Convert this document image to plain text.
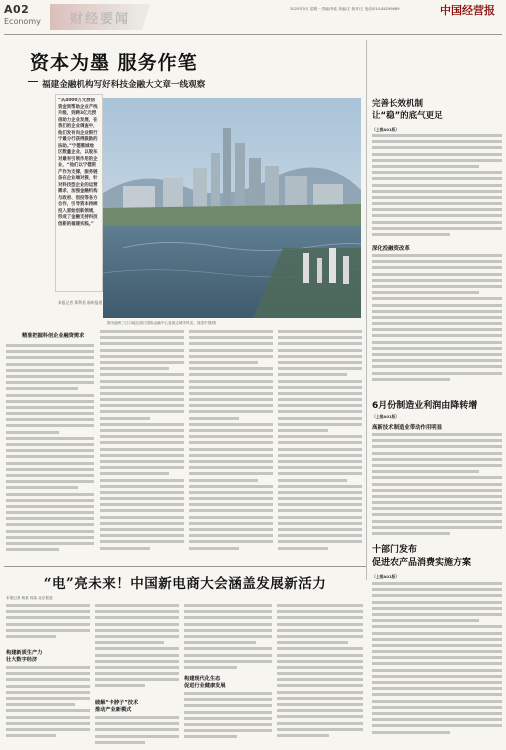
A02
Economy 财经要闻
2025年5月 星期一 责编/李佳 美编/王 校对/王 电话/010-84295689	中国经营报
资本为墨 服务作笔
福建金融机构写好科技金融大文章一线观察
“从4000万元授信资金到帮助企业产线升级，到跨3亿元授信助力企业发展，在我们的企业调查中，他们发有向企业银行宁最分行获得鼓励的扶助。”宁德蕉城地区数量企业，以股东对最有引领作用的企业，“他们以宁德资产作为支撑，服务链条在企业端对接，针对科技型企业的运营需求，加强金融机构与政府、创投等各方合作，引导资本持续投入原始创新领域，形成了金融支持科技创新的福建实践。”
本报记者 郑利君 福州报道
图为福州三江口地区滨江国际金融中心及周边城市风光。视觉中国/图
精准把握科创企业融资需求
完善长效机制
让“稳”的底气更足
（上接A01版）
深化投融资改革
6月份制造业利润由降转增
（上接A01版）
高新技术制造业带动作用明显
十部门发布
促进农产品消费实施方案
（上接A01版）
“电”亮未来！中国新电商大会涵盖发展新活力
本报记者 杨某 郭某 北京报道
构建新质生产力
壮大数字经济
破解“卡脖子”技术
推动产业新模式
构建现代化生态
促进行业健康发展
